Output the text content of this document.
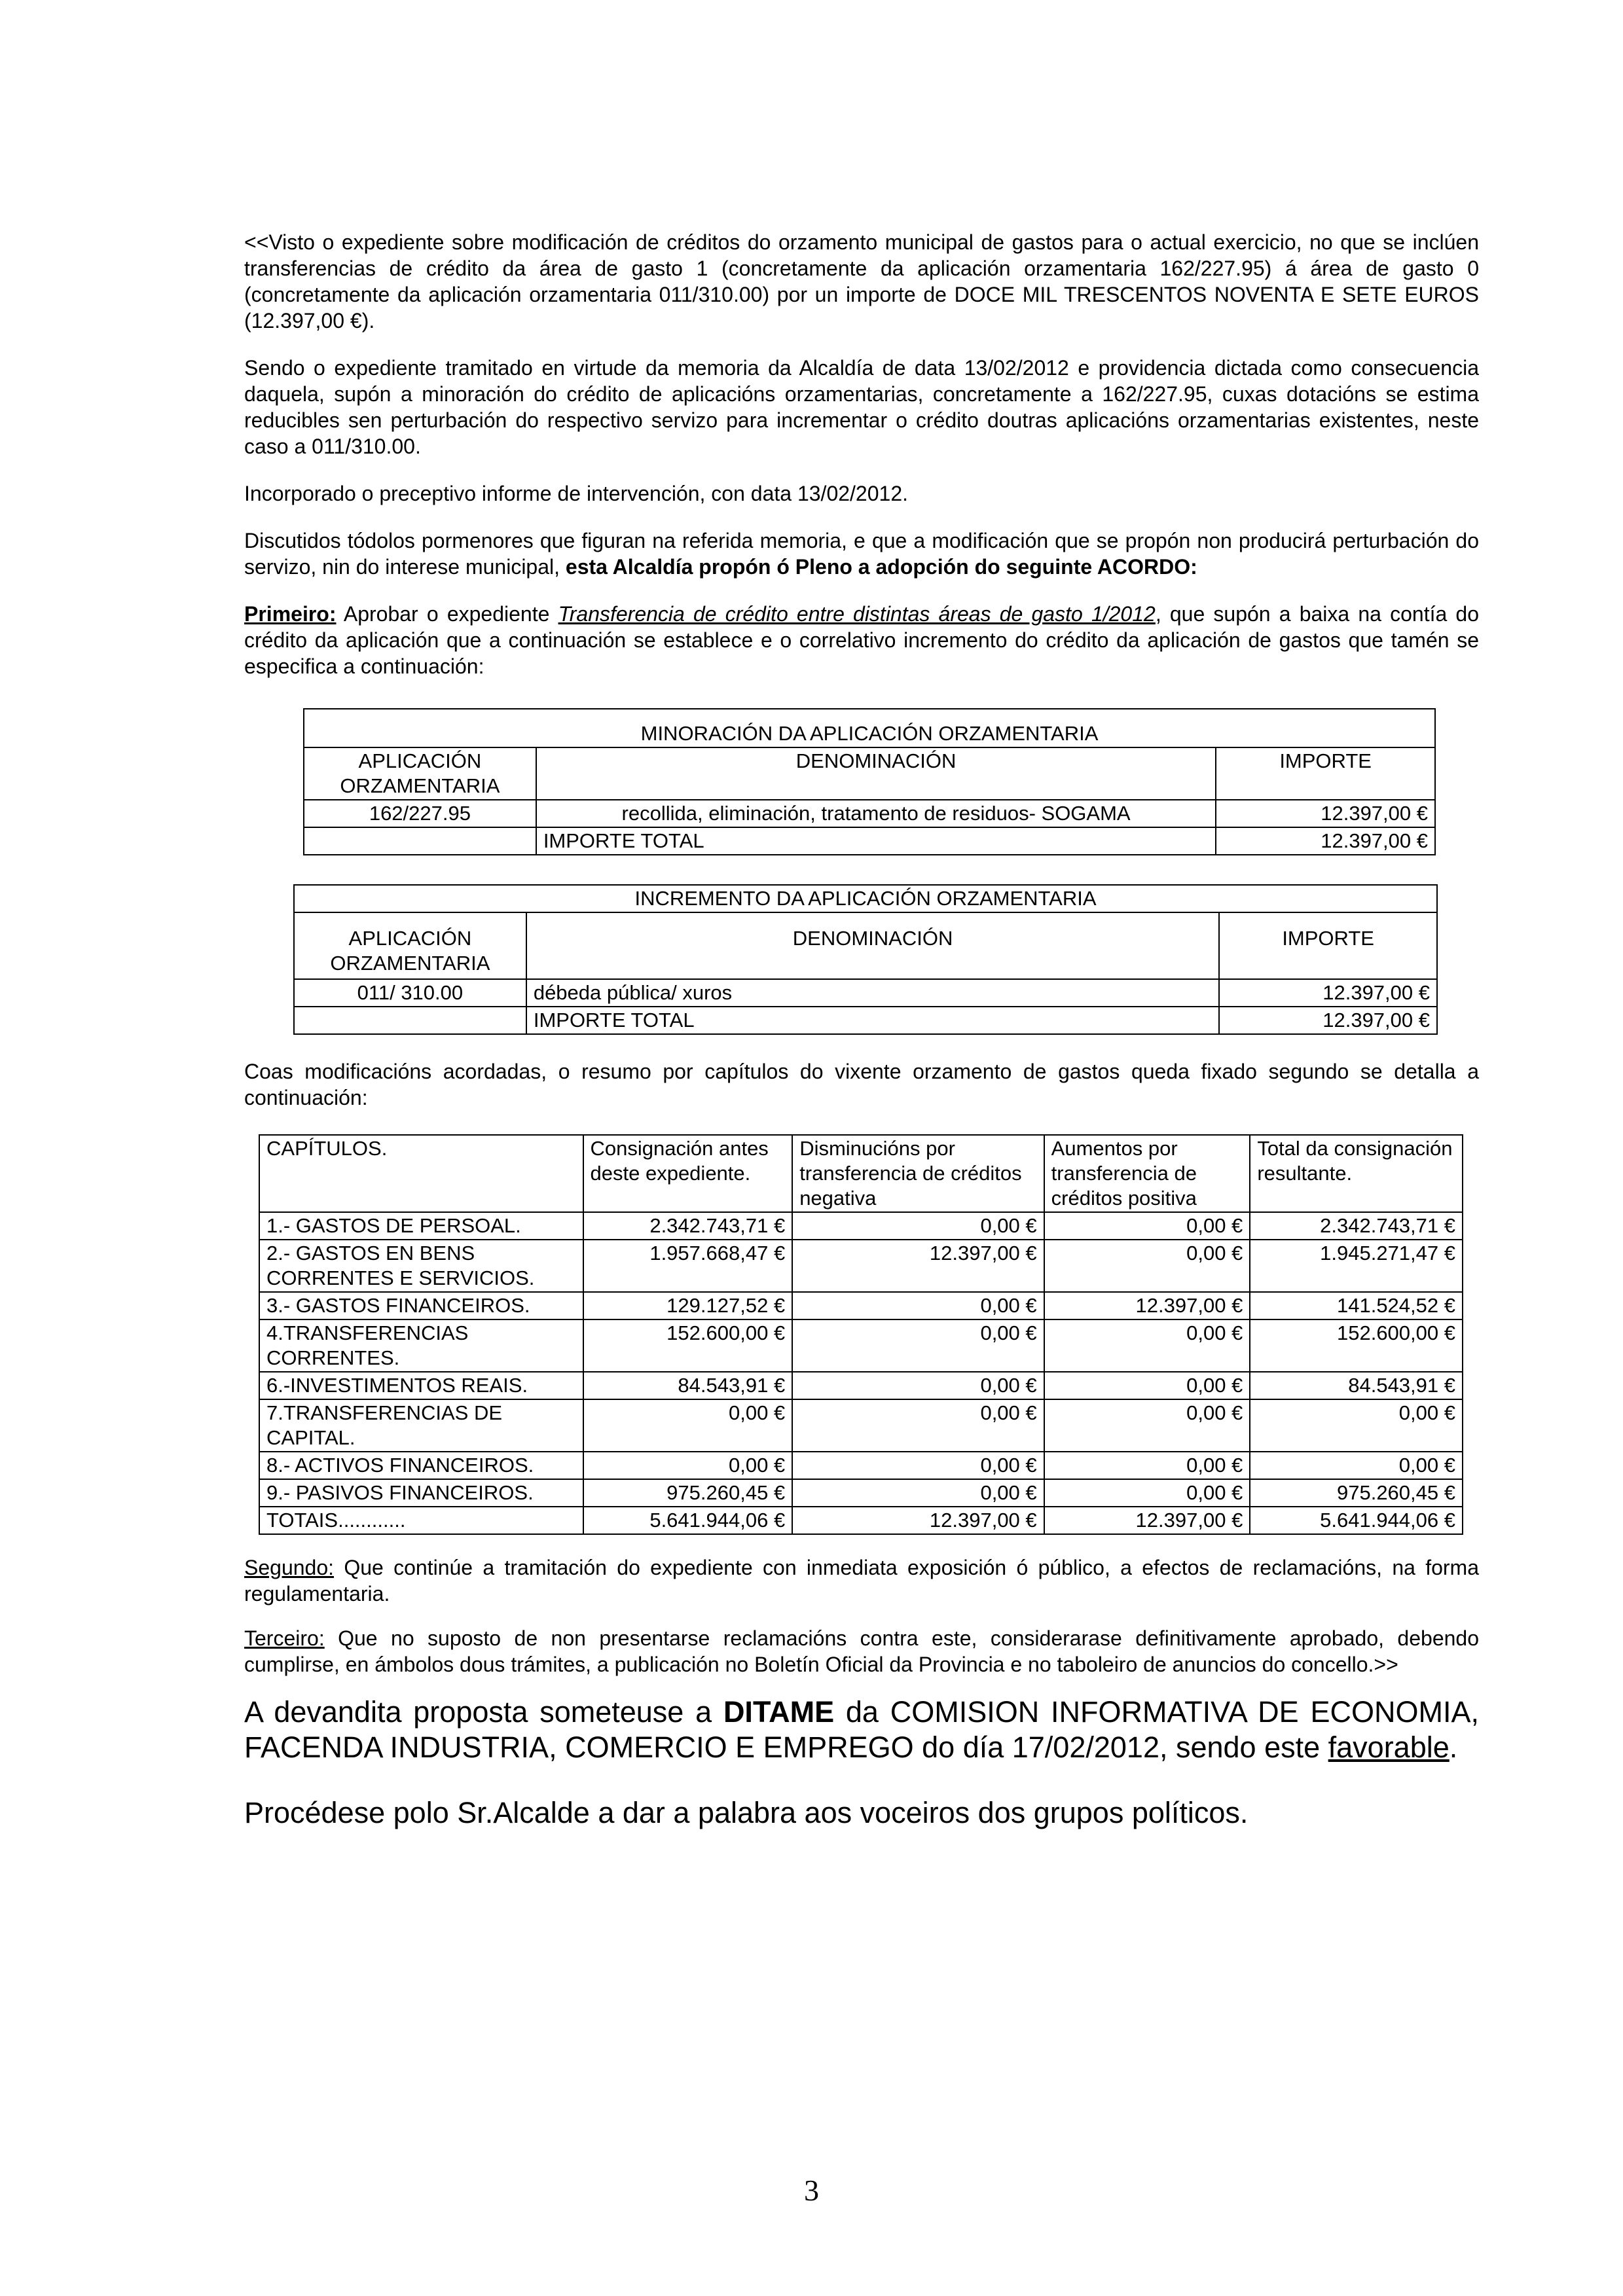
<<Visto o expediente sobre modificación de créditos do orzamento municipal de gastos para o actual exercicio, no que se inclúen transferencias de crédito da área de gasto 1 (concretamente da aplicación orzamentaria 162/227.95) á área de gasto 0 (concretamente da aplicación orzamentaria 011/310.00) por un importe de DOCE MIL TRESCENTOS NOVENTA E SETE EUROS (12.397,00 €).

Sendo o expediente tramitado en virtude da memoria da Alcaldía de data 13/02/2012 e providencia dictada como consecuencia daquela, supón a minoración do crédito de aplicacións orzamentarias, concretamente a 162/227.95, cuxas dotacións se estima reducibles sen perturbación do respectivo servizo para incrementar o crédito doutras aplicacións orzamentarias existentes, neste caso a 011/310.00.

Incorporado o preceptivo informe de intervención, con data 13/02/2012.

Discutidos tódolos pormenores que figuran na referida memoria, e que a modificación que se propón non producirá perturbación do servizo, nin do interese municipal, esta Alcaldía propón ó Pleno a adopción do seguinte ACORDO:

Primeiro: Aprobar o expediente Transferencia de crédito entre distintas áreas de gasto 1/2012, que supón a baixa na contía do crédito da aplicación que a continuación se establece e o correlativo incremento do crédito da aplicación de gastos que tamén se especifica a continuación:

MINORACIÓN DA APLICACIÓN ORZAMENTARIA		
APLICACIÓN ORZAMENTARIA	DENOMINACIÓN	IMPORTE
162/227.95	recollida, eliminación, tratamento de residuos- SOGAMA	12.397,00 €
	IMPORTE TOTAL	12.397,00 €
INCREMENTO DA APLICACIÓN ORZAMENTARIA		
APLICACIÓN ORZAMENTARIA	DENOMINACIÓN	IMPORTE
011/ 310.00	débeda pública/ xuros	12.397,00 €
	IMPORTE TOTAL	12.397,00 €

Coas modificacións acordadas, o resumo por capítulos do vixente orzamento de gastos queda fixado segundo se detalla a continuación:

CAPÍTULOS.	Consignación antes deste expediente.	Disminucións por transferencia de créditos negativa	Aumentos por transferencia de créditos positiva	Total da consignación resultante.
1.- GASTOS DE PERSOAL.	2.342.743,71 €	0,00 €	0,00 €	2.342.743,71 €
2.- GASTOS EN BENS CORRENTES E SERVICIOS.	1.957.668,47 €	12.397,00 €	0,00 €	1.945.271,47 €
3.- GASTOS FINANCEIROS.	129.127,52 €	0,00 €	12.397,00 €	141.524,52 €
4.TRANSFERENCIAS CORRENTES.	152.600,00 €	0,00 €	0,00 €	152.600,00 €
6.-INVESTIMENTOS REAIS.	84.543,91 €	0,00 €	0,00 €	84.543,91 €
7.TRANSFERENCIAS DE CAPITAL.	0,00 €	0,00 €	0,00 €	0,00 €
8.- ACTIVOS FINANCEIROS.	0,00 €	0,00 €	0,00 €	0,00 €
9.- PASIVOS FINANCEIROS.	975.260,45 €	0,00 €	0,00 €	975.260,45 €
TOTAIS............	5.641.944,06 €	12.397,00 €	12.397,00 €	5.641.944,06 €

Segundo: Que continúe a tramitación do expediente con inmediata exposición ó público, a efectos de reclamacións, na forma regulamentaria.

Terceiro: Que no suposto de non presentarse reclamacións contra este, considerarase definitivamente aprobado, debendo cumplirse, en ámbolos dous trámites, a publicación no Boletín Oficial da Provincia e no taboleiro de anuncios do concello.>>

A devandita proposta someteuse a DITAME da COMISION INFORMATIVA DE ECONOMIA, FACENDA INDUSTRIA, COMERCIO E EMPREGO do día 17/02/2012, sendo este favorable.

Procédese polo Sr.Alcalde a dar a palabra aos voceiros dos grupos políticos.

3
